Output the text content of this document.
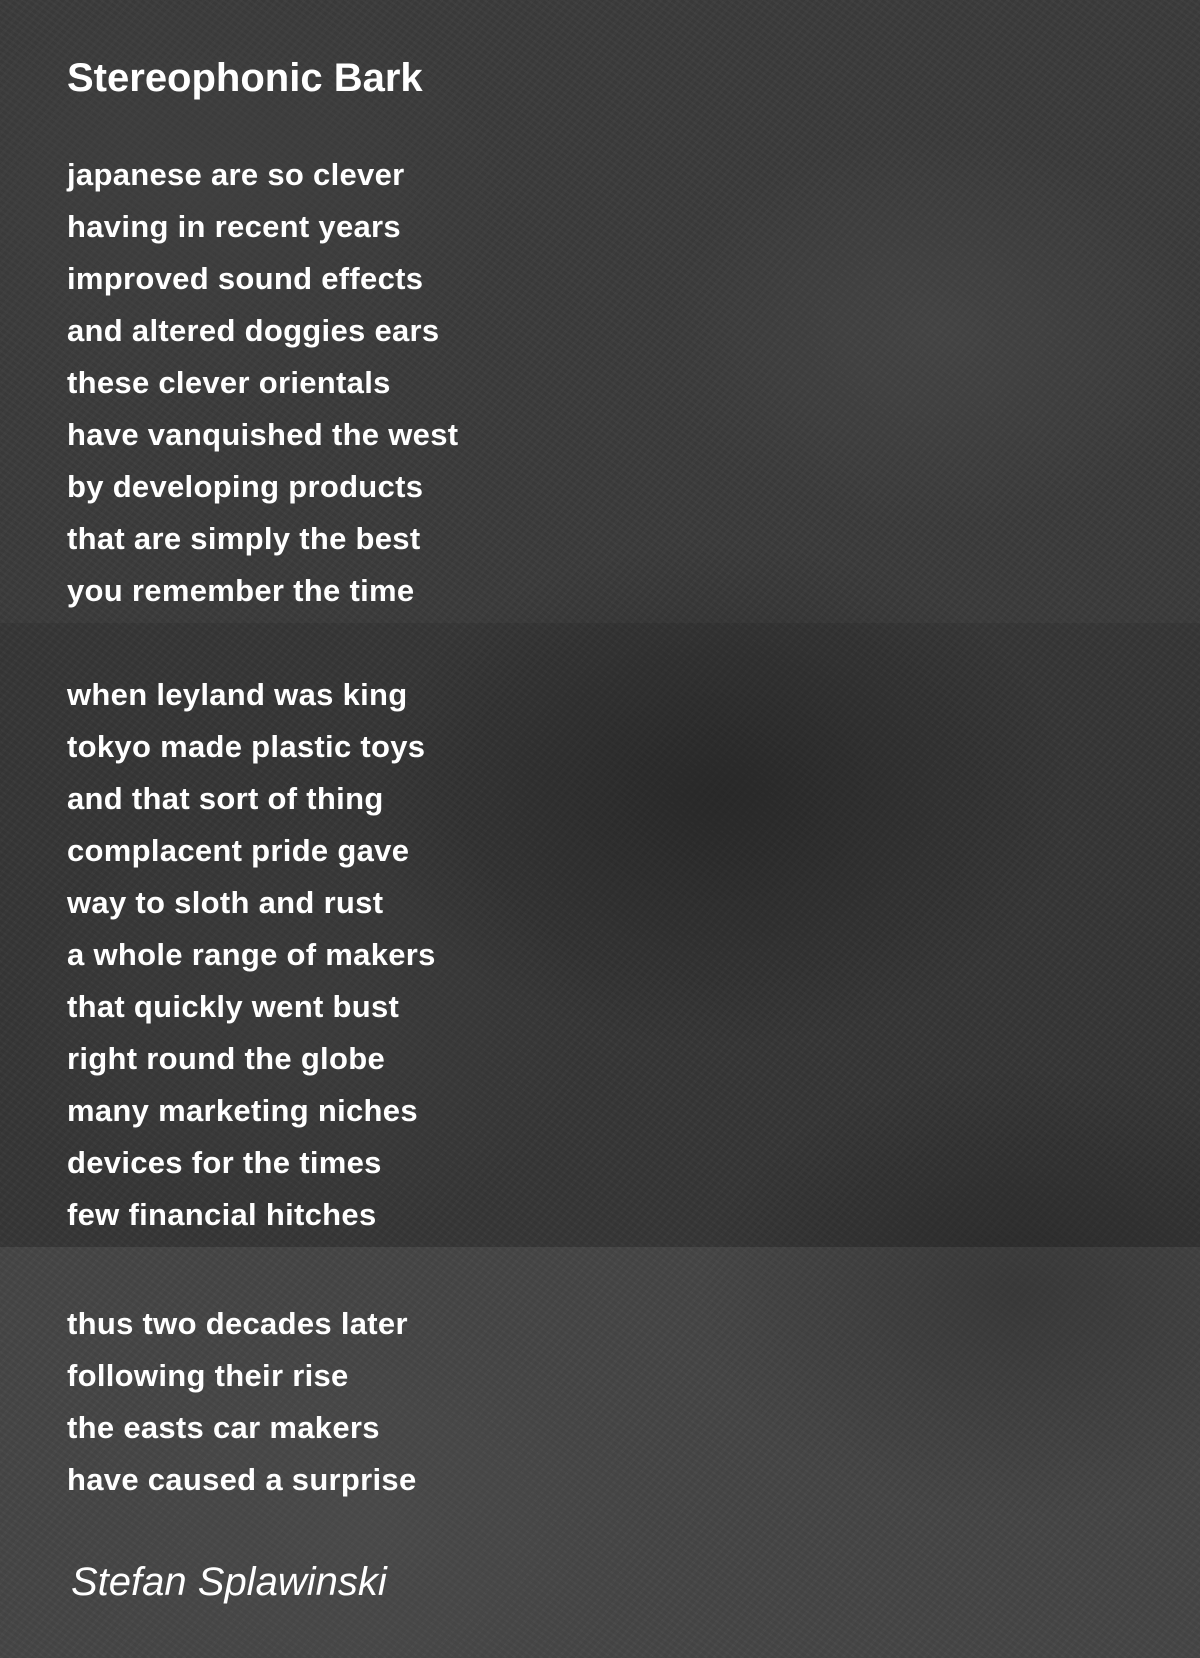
Stereophonic Bark
japanese are so clever
having in recent years
improved sound effects
and altered doggies ears
these clever orientals
have vanquished the west
by developing products
that are simply the best
you remember the time
when leyland was king
tokyo made plastic toys
and that sort of thing
complacent pride gave
way to sloth and rust
a whole range of makers
that quickly went bust
right round the globe
many marketing niches
devices for the times
few financial hitches
thus two decades later
following their rise
the easts car makers
have caused a surprise

Stefan Splawinski
